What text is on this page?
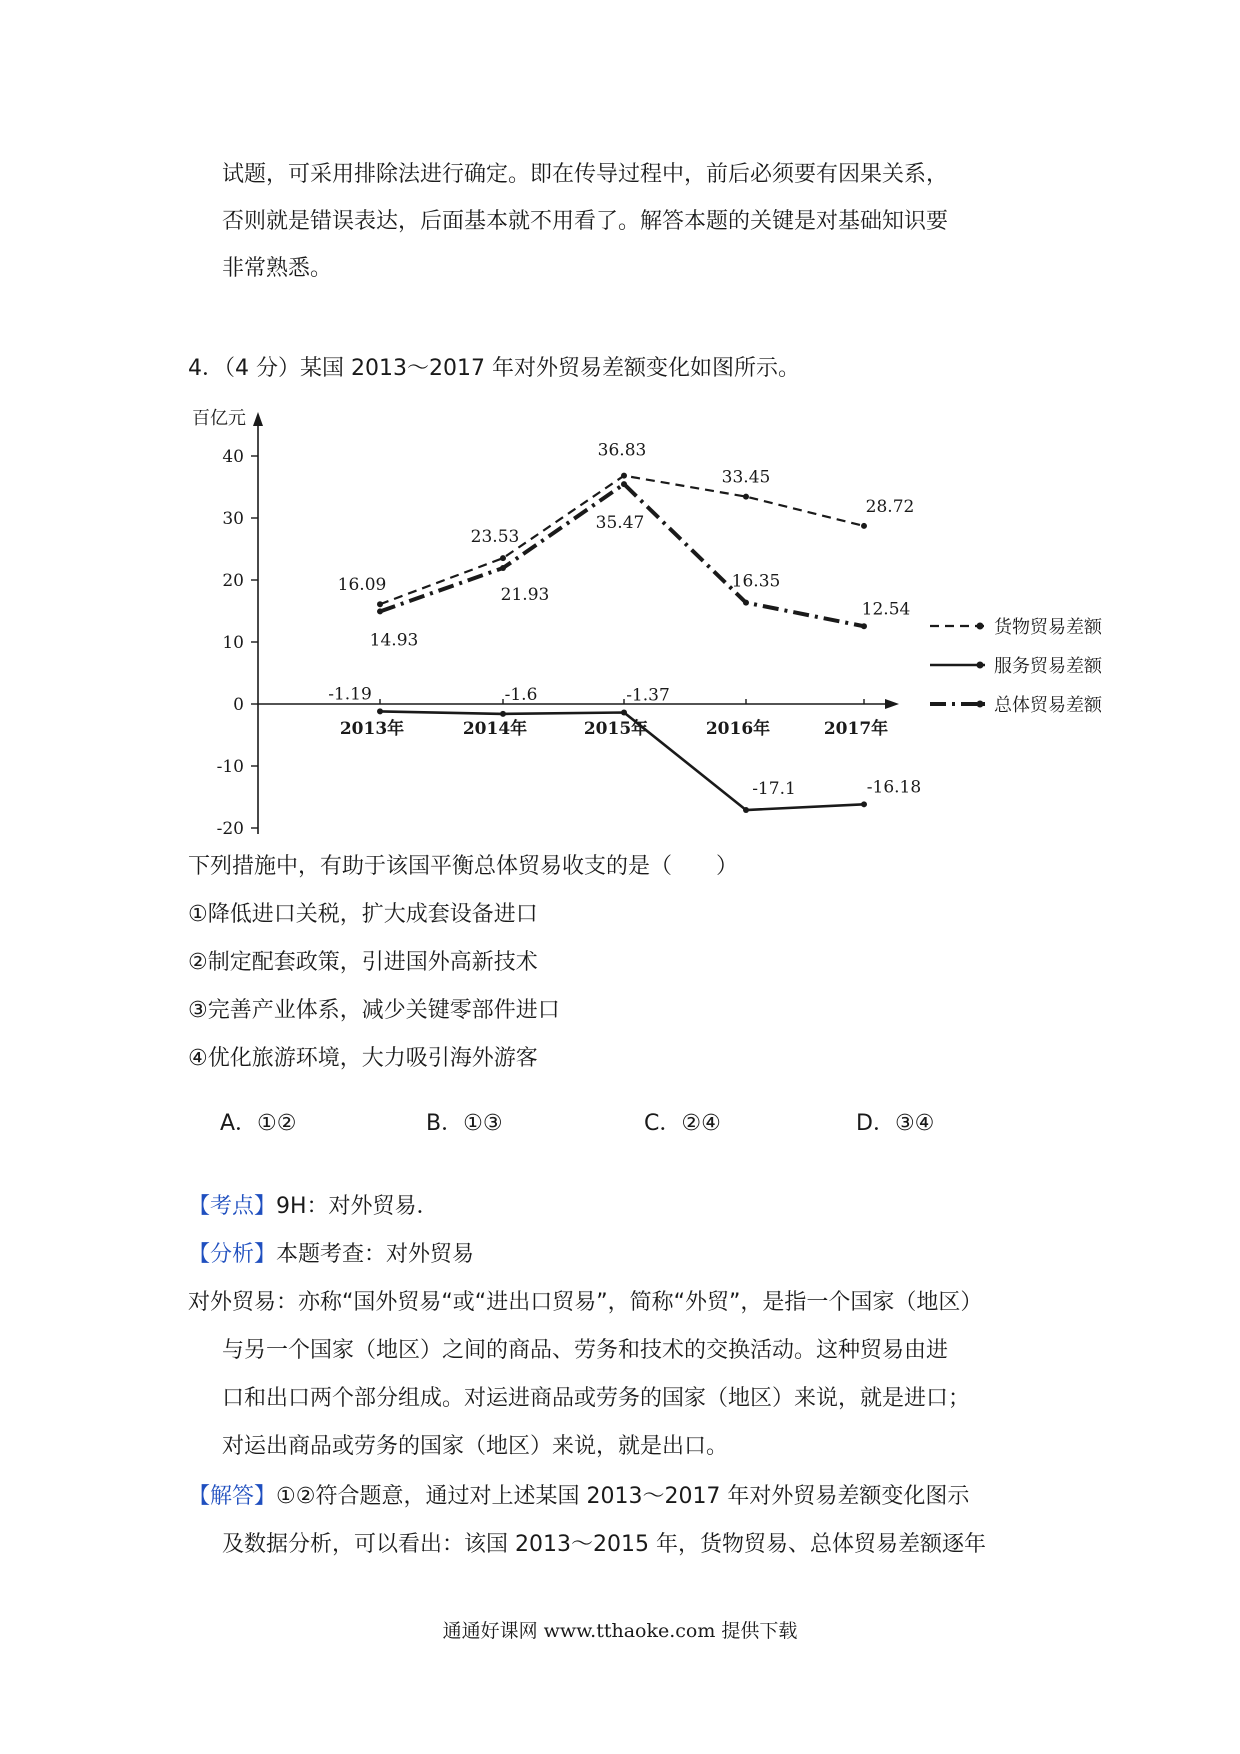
试题，可采用排除法进行确定。即在传导过程中，前后必须要有因果关系，
否则就是错误表达，后面基本就不用看了。解答本题的关键是对基础知识要
非常熟悉。
4．（4 分）某国 2013～2017 年对外贸易差额变化如图所示。
百亿元
40
30
20
10
0
-10
-20
2013年	2014年	2015年	2016年	2017年
16.09
23.53
36.83
33.45
28.72
-1.19	-1.6	-1.37
-17.1	-16.18
14.93
21.93
35.47
16.35
12.54
货物贸易差额
服务贸易差额
总体贸易差额
下列措施中，有助于该国平衡总体贸易收支的是（　　）
①降低进口关税，扩大成套设备进口
②制定配套政策，引进国外高新技术
③完善产业体系，减少关键零部件进口
④优化旅游环境，大力吸引海外游客
A．①②	B．①③	C．②④	D．③④
【考点】9H：对外贸易．
【分析】本题考查：对外贸易
对外贸易：亦称“国外贸易“或“进出口贸易”，简称“外贸”，是指一个国家（地区）
与另一个国家（地区）之间的商品、劳务和技术的交换活动。这种贸易由进
口和出口两个部分组成。对运进商品或劳务的国家（地区）来说，就是进口；
对运出商品或劳务的国家（地区）来说，就是出口。
【解答】①②符合题意，通过对上述某国 2013～2017 年对外贸易差额变化图示
及数据分析，可以看出：该国 2013～2015 年，货物贸易、总体贸易差额逐年
通通好课网 www.tthaoke.com 提供下载
